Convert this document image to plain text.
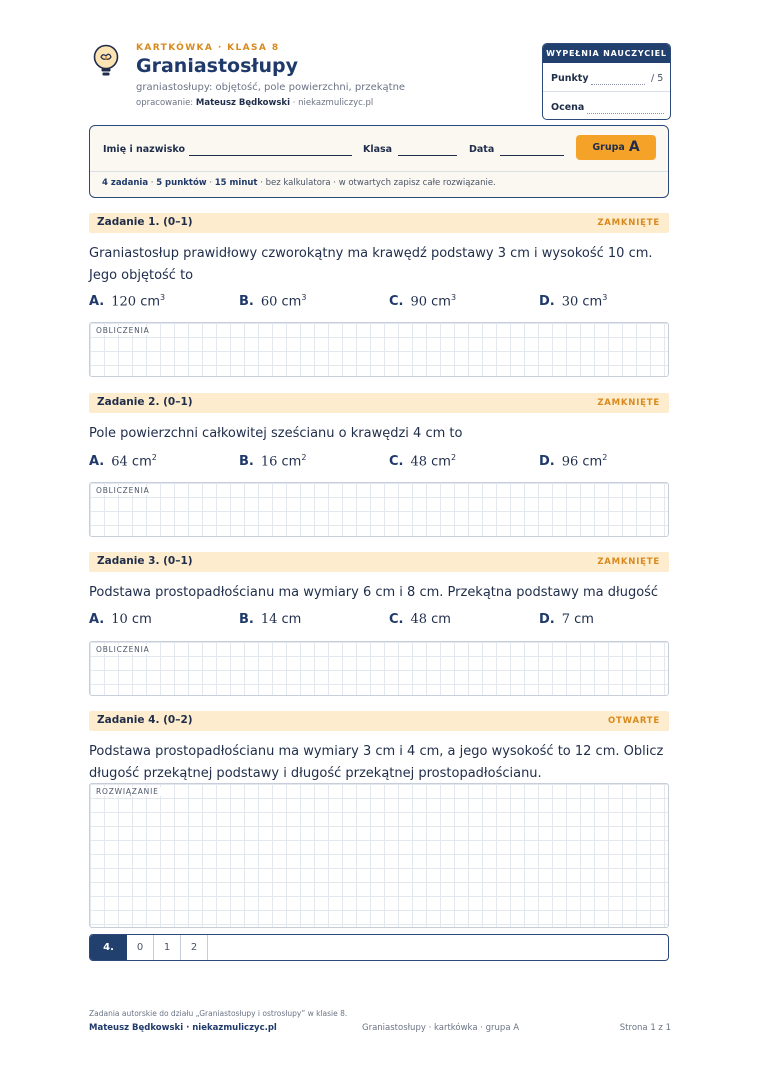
KARTKÓWKA · KLASA 8
Graniastosłupy
graniastosłupy: objętość, pole powierzchni, przekątne
opracowanie: Mateusz Będkowski · niekazmuliczyc.pl
WYPEŁNIA NAUCZYCIEL
Punkty	/ 5
Ocena
Imię i nazwisko	Klasa	Data	Grupa A
4 zadania · 5 punktów · 15 minut · bez kalkulatora · w otwartych zapisz całe rozwiązanie.
Zadanie 1. (0–1)	ZAMKNIĘTE
Graniastosłup prawidłowy czworokątny ma krawędź podstawy 3 cm i wysokość 10 cm. Jego objętość to
A. 120 $cm^3$	B. 60 $cm^3$	C. 90 $cm^3$	D. 30 $cm^3$
OBLICZENIA
Zadanie 2. (0–1)	ZAMKNIĘTE
Pole powierzchni całkowitej sześcianu o krawędzi 4 cm to
A. 64 $cm^2$	B. 16 $cm^2$	C. 48 $cm^2$	D. 96 $cm^2$
OBLICZENIA
Zadanie 3. (0–1)	ZAMKNIĘTE
Podstawa prostopadłościanu ma wymiary 6 cm i 8 cm. Przekątna podstawy ma długość
A. 10 cm	B. 14 cm	C. 48 cm	D. 7 cm
OBLICZENIA
Zadanie 4. (0–2)	OTWARTE
Podstawa prostopadłościanu ma wymiary 3 cm i 4 cm, a jego wysokość to 12 cm. Oblicz długość przekątnej podstawy i długość przekątnej prostopadłościanu.
ROZWIĄZANIE
4.	0	1	2
Zadania autorskie do działu „Graniastosłupy i ostrosłupy” w klasie 8.
Mateusz Będkowski · niekazmuliczyc.pl	Graniastosłupy · kartkówka · grupa A	Strona 1 z 1
